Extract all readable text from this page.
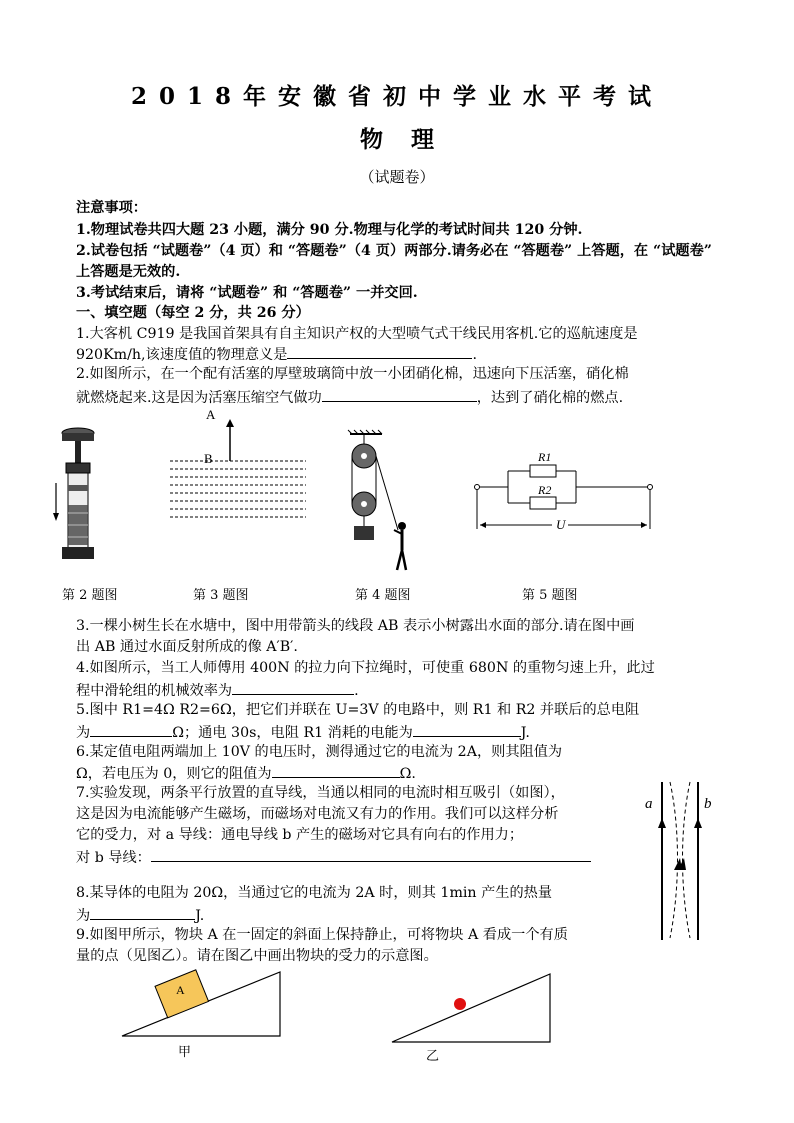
2018年安徽省初中学业水平考试
物 理
（试题卷）
注意事项：
1.物理试卷共四大题 23 小题，满分 90 分.物理与化学的考试时间共 120 分钟.
2.试卷包括 “试题卷”（4 页）和 “答题卷”（4 页）两部分.请务必在 “答题卷” 上答题，在 “试题卷”
上答题是无效的.
3.考试结束后，请将 “试题卷” 和 “答题卷” 一并交回.
一、填空题（每空 2 分，共 26 分）
1.大客机 C919 是我国首架具有自主知识产权的大型喷气式干线民用客机.它的巡航速度是
920Km/h,该速度值的物理意义是	.
2.如图所示，在一个配有活塞的厚壁玻璃筒中放一小团硝化棉，迅速向下压活塞，硝化棉
就燃烧起来.这是因为活塞压缩空气做功	，达到了硝化棉的燃点.
A
B	R1
R2
U
第 2 题图	第 3 题图	第 4 题图	第 5 题图
3.一棵小树生长在水塘中，图中用带箭头的线段 AB 表示小树露出水面的部分.请在图中画
出 AB 通过水面反射所成的像 A′B′.
4.如图所示，当工人师傅用 400N 的拉力向下拉绳时，可使重 680N 的重物匀速上升，此过
程中滑轮组的机械效率为	.
5.图中 R1=4Ω R2=6Ω，把它们并联在 U=3V 的电路中，则 R1 和 R2 并联后的总电阻
为	Ω；通电 30s，电阻 R1 消耗的电能为	J.
6.某定值电阻两端加上 10V 的电压时，测得通过它的电流为 2A，则其阻值为
Ω，若电压为 0，则它的阻值为	Ω.
7.实验发现，两条平行放置的直导线，当通以相同的电流时相互吸引（如图），
这是因为电流能够产生磁场，而磁场对电流又有力的作用。我们可以这样分析
它的受力，对 a 导线：通电导线 b 产生的磁场对它具有向右的作用力；
对 b 导线：
a	b
8.某导体的电阻为 20Ω，当通过它的电流为 2A 时，则其 1min 产生的热量
为	J.
9.如图甲所示，物块 A 在一固定的斜面上保持静止，可将物块 A 看成一个有质
量的点（见图乙）。请在图乙中画出物块的受力的示意图。
A
甲	乙
